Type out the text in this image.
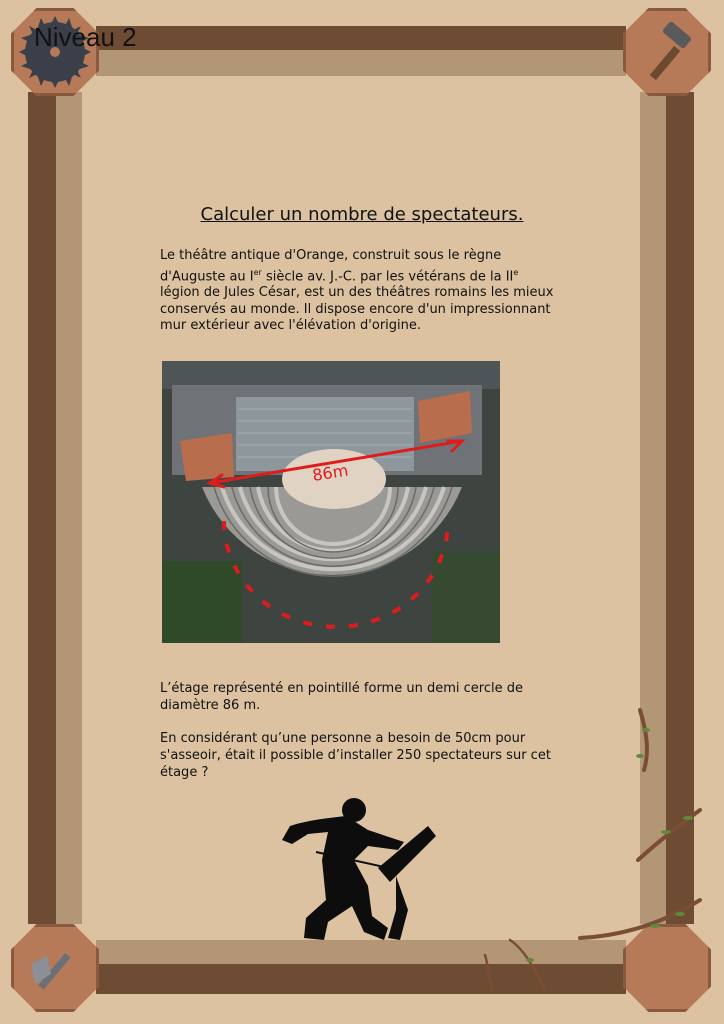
Niveau 2
Calculer un nombre de spectateurs.

Le théâtre antique d'Orange, construit sous le règne d'Auguste au Ier siècle av. J.-C. par les vétérans de la IIe légion de Jules César, est un des théâtres romains les mieux conservés au monde. Il dispose encore d'un impressionnant mur extérieur avec l'élévation d'origine.

86m

L’étage représenté en pointillé forme un demi cercle de diamètre 86 m.

En considérant qu’une personne a besoin de 50cm pour s'asseoir, était il possible d’installer 250 spectateurs sur cet étage ?
